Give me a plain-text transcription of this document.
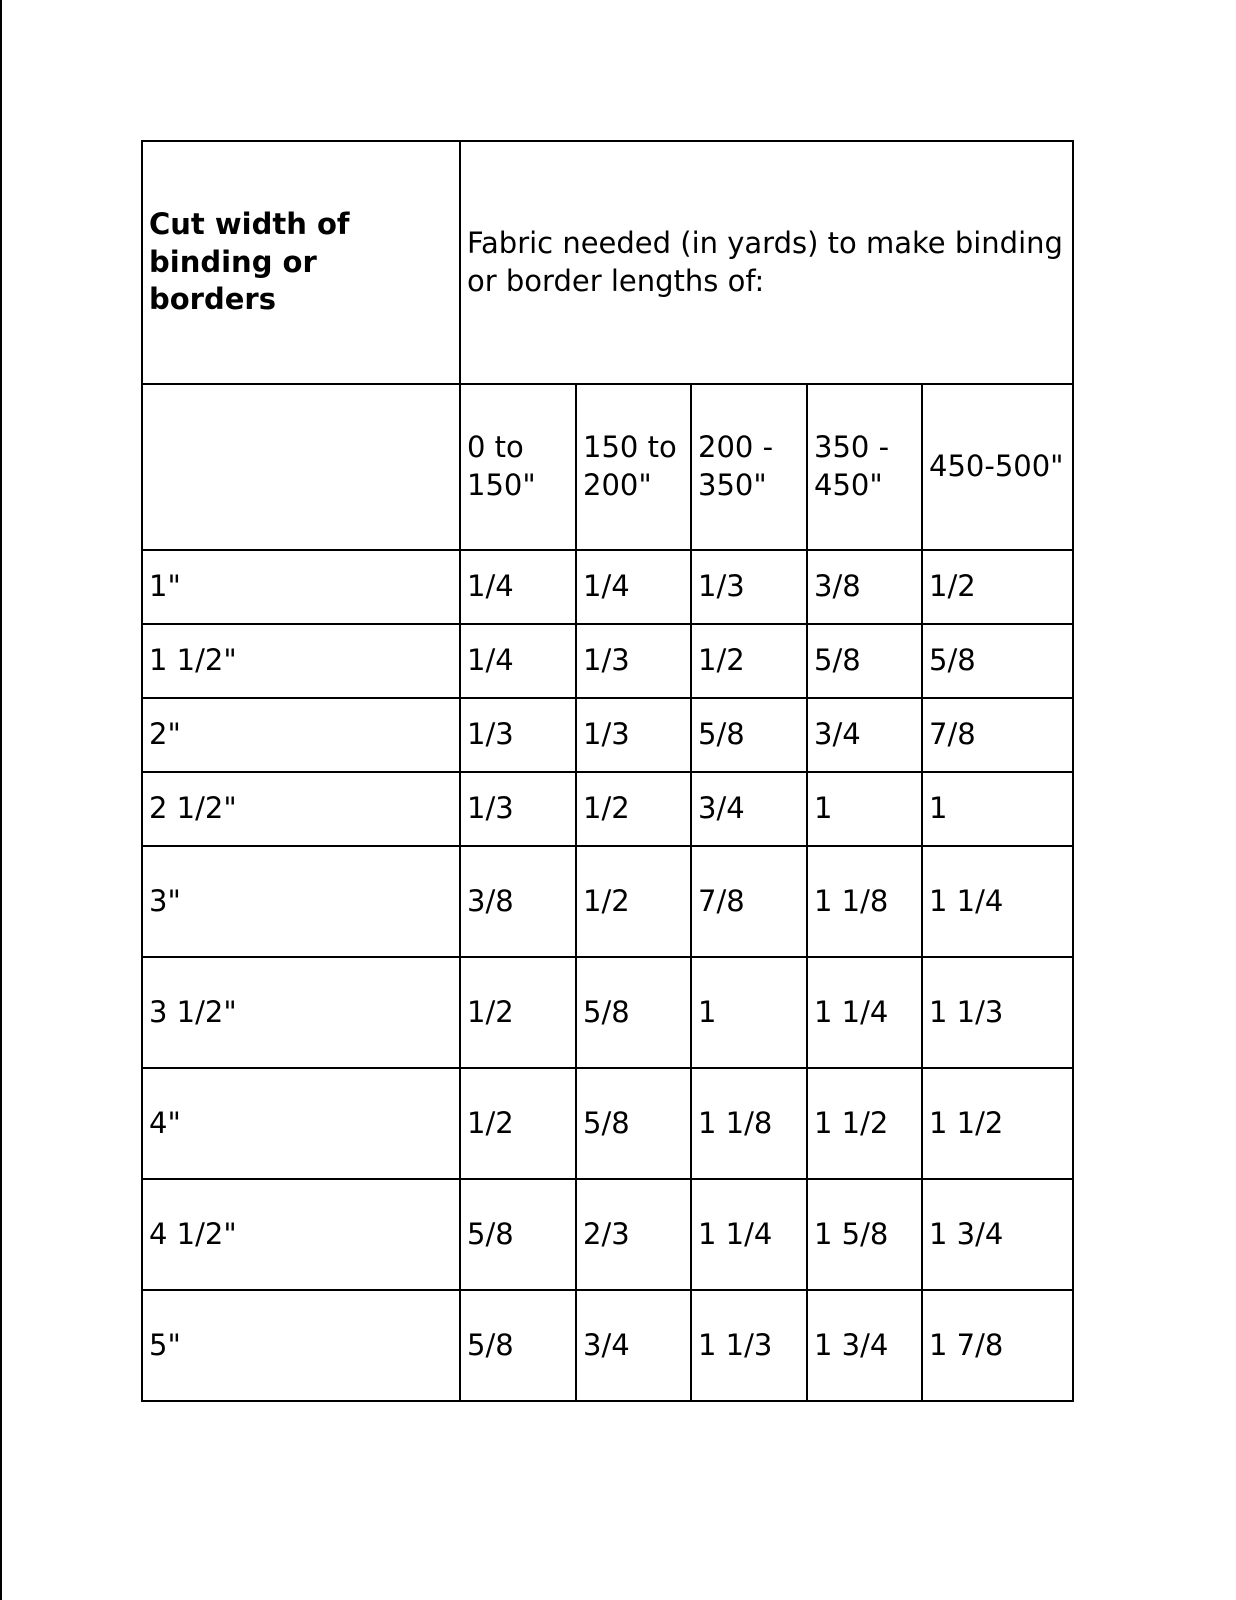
Cut width of binding or borders	Fabric needed (in yards) to make binding or border lengths of:				
	0 to 150"	150 to 200"	200 - 350"	350 - 450"	450-500"
1"	1/4	1/4	1/3	3/8	1/2
1 1/2"	1/4	1/3	1/2	5/8	5/8
2"	1/3	1/3	5/8	3/4	7/8
2 1/2"	1/3	1/2	3/4	1	1
3"	3/8	1/2	7/8	1 1/8	1 1/4
3 1/2"	1/2	5/8	1	1 1/4	1 1/3
4"	1/2	5/8	1 1/8	1 1/2	1 1/2
4 1/2"	5/8	2/3	1 1/4	1 5/8	1 3/4
5"	5/8	3/4	1 1/3	1 3/4	1 7/8
